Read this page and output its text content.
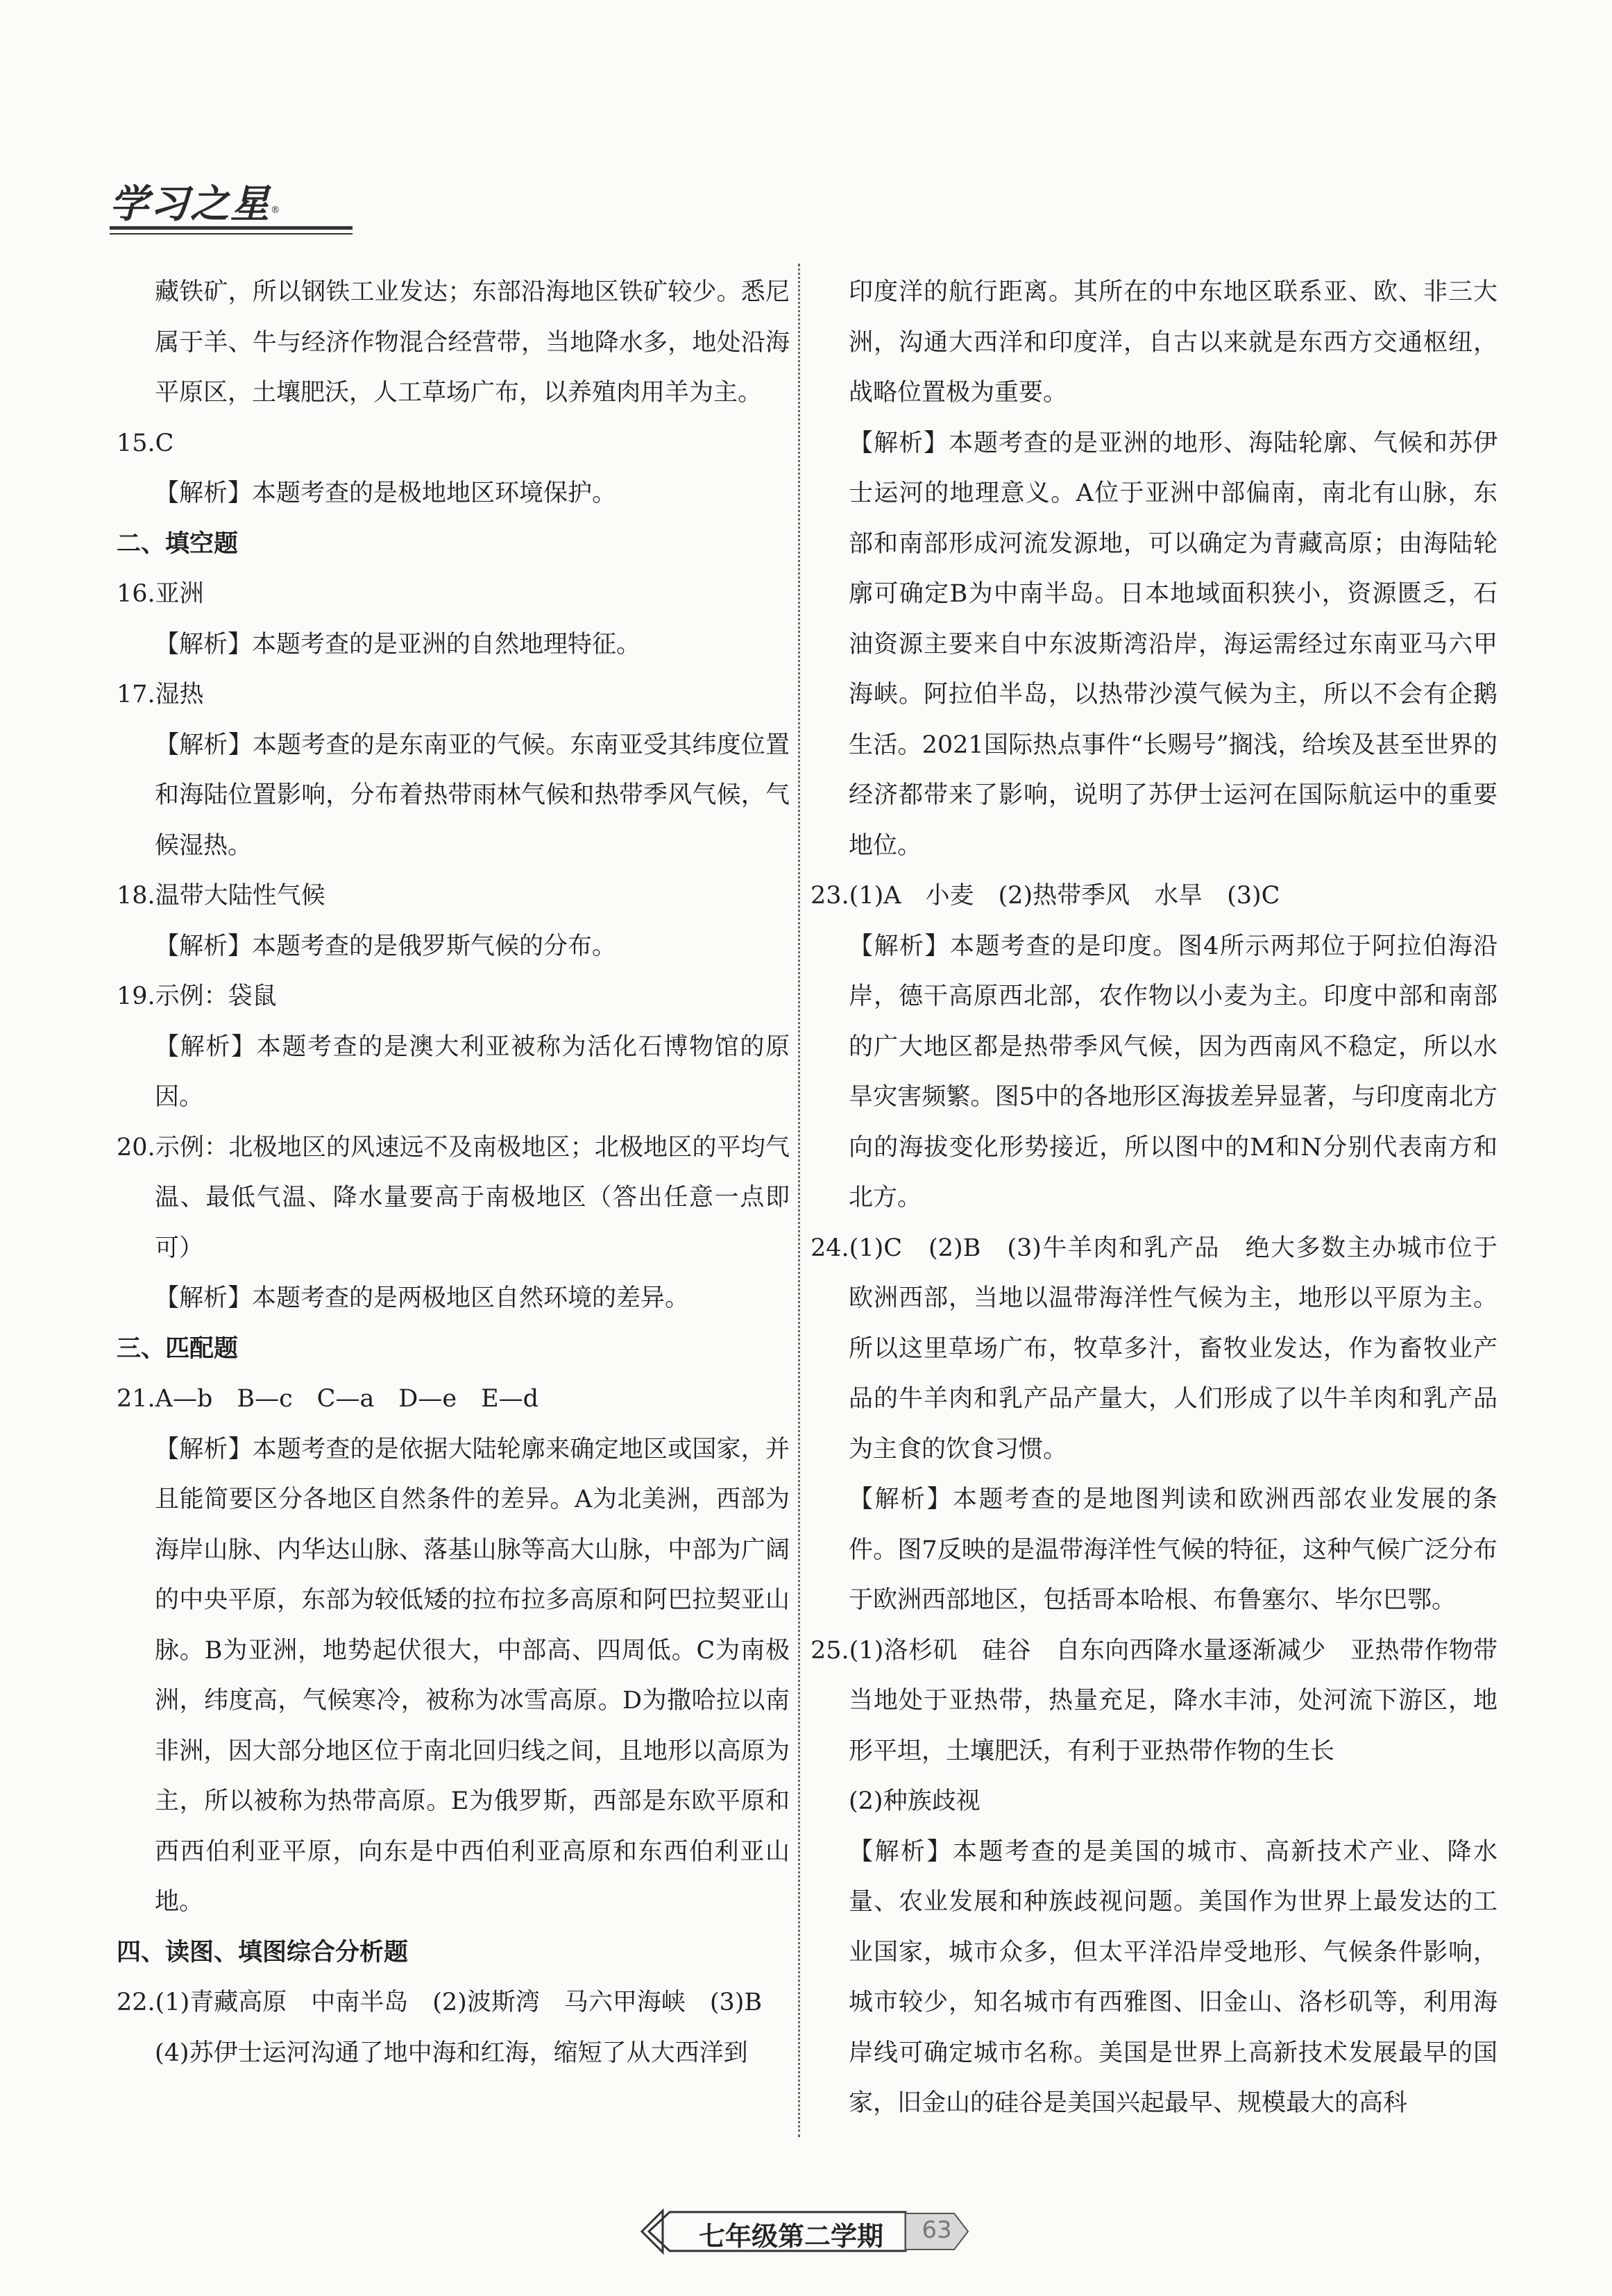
学习之星®

藏铁矿，所以钢铁工业发达；东部沿海地区铁矿较少。悉尼属于羊、牛与经济作物混合经营带，当地降水多，地处沿海平原区，土壤肥沃，人工草场广布，以养殖肉用羊为主。

15.C

【解析】本题考查的是极地地区环境保护。

二、填空题

16.亚洲

【解析】本题考查的是亚洲的自然地理特征。

17.湿热

【解析】本题考查的是东南亚的气候。东南亚受其纬度位置和海陆位置影响，分布着热带雨林气候和热带季风气候，气候湿热。

18.温带大陆性气候

【解析】本题考查的是俄罗斯气候的分布。

19.示例：袋鼠

【解析】本题考查的是澳大利亚被称为活化石博物馆的原因。

20.示例：北极地区的风速远不及南极地区；北极地区的平均气温、最低气温、降水量要高于南极地区（答出任意一点即可）

【解析】本题考查的是两极地区自然环境的差异。

三、匹配题

21.A—b　B—c　C—a　D—e　E—d

【解析】本题考查的是依据大陆轮廓来确定地区或国家，并且能简要区分各地区自然条件的差异。A为北美洲，西部为海岸山脉、内华达山脉、落基山脉等高大山脉，中部为广阔的中央平原，东部为较低矮的拉布拉多高原和阿巴拉契亚山脉。B为亚洲，地势起伏很大，中部高、四周低。C为南极洲，纬度高，气候寒冷，被称为冰雪高原。D为撒哈拉以南非洲，因大部分地区位于南北回归线之间，且地形以高原为主，所以被称为热带高原。E为俄罗斯，西部是东欧平原和西西伯利亚平原，向东是中西伯利亚高原和东西伯利亚山地。

四、读图、填图综合分析题

22.(1)青藏高原　中南半岛　(2)波斯湾　马六甲海峡　(3)B

(4)苏伊士运河沟通了地中海和红海，缩短了从大西洋到

印度洋的航行距离。其所在的中东地区联系亚、欧、非三大洲，沟通大西洋和印度洋，自古以来就是东西方交通枢纽，战略位置极为重要。

【解析】本题考查的是亚洲的地形、海陆轮廓、气候和苏伊士运河的地理意义。A位于亚洲中部偏南，南北有山脉，东部和南部形成河流发源地，可以确定为青藏高原；由海陆轮廓可确定B为中南半岛。日本地域面积狭小，资源匮乏，石油资源主要来自中东波斯湾沿岸，海运需经过东南亚马六甲海峡。阿拉伯半岛，以热带沙漠气候为主，所以不会有企鹅生活。2021国际热点事件“长赐号”搁浅，给埃及甚至世界的经济都带来了影响，说明了苏伊士运河在国际航运中的重要地位。

23.(1)A　小麦　(2)热带季风　水旱　(3)C

【解析】本题考查的是印度。图4所示两邦位于阿拉伯海沿岸，德干高原西北部，农作物以小麦为主。印度中部和南部的广大地区都是热带季风气候，因为西南风不稳定，所以水旱灾害频繁。图5中的各地形区海拔差异显著，与印度南北方向的海拔变化形势接近，所以图中的M和N分别代表南方和北方。

24.(1)C　(2)B　(3)牛羊肉和乳产品　绝大多数主办城市位于欧洲西部，当地以温带海洋性气候为主，地形以平原为主。所以这里草场广布，牧草多汁，畜牧业发达，作为畜牧业产品的牛羊肉和乳产品产量大，人们形成了以牛羊肉和乳产品为主食的饮食习惯。

【解析】本题考查的是地图判读和欧洲西部农业发展的条件。图7反映的是温带海洋性气候的特征，这种气候广泛分布于欧洲西部地区，包括哥本哈根、布鲁塞尔、毕尔巴鄂。

25.(1)洛杉矶　硅谷　自东向西降水量逐渐减少　亚热带作物带　当地处于亚热带，热量充足，降水丰沛，处河流下游区，地形平坦，土壤肥沃，有利于亚热带作物的生长

(2)种族歧视

【解析】本题考查的是美国的城市、高新技术产业、降水量、农业发展和种族歧视问题。美国作为世界上最发达的工业国家，城市众多，但太平洋沿岸受地形、气候条件影响，城市较少，知名城市有西雅图、旧金山、洛杉矶等，利用海岸线可确定城市名称。美国是世界上高新技术发展最早的国家，旧金山的硅谷是美国兴起最早、规模最大的高科

七年级第二学期	63
